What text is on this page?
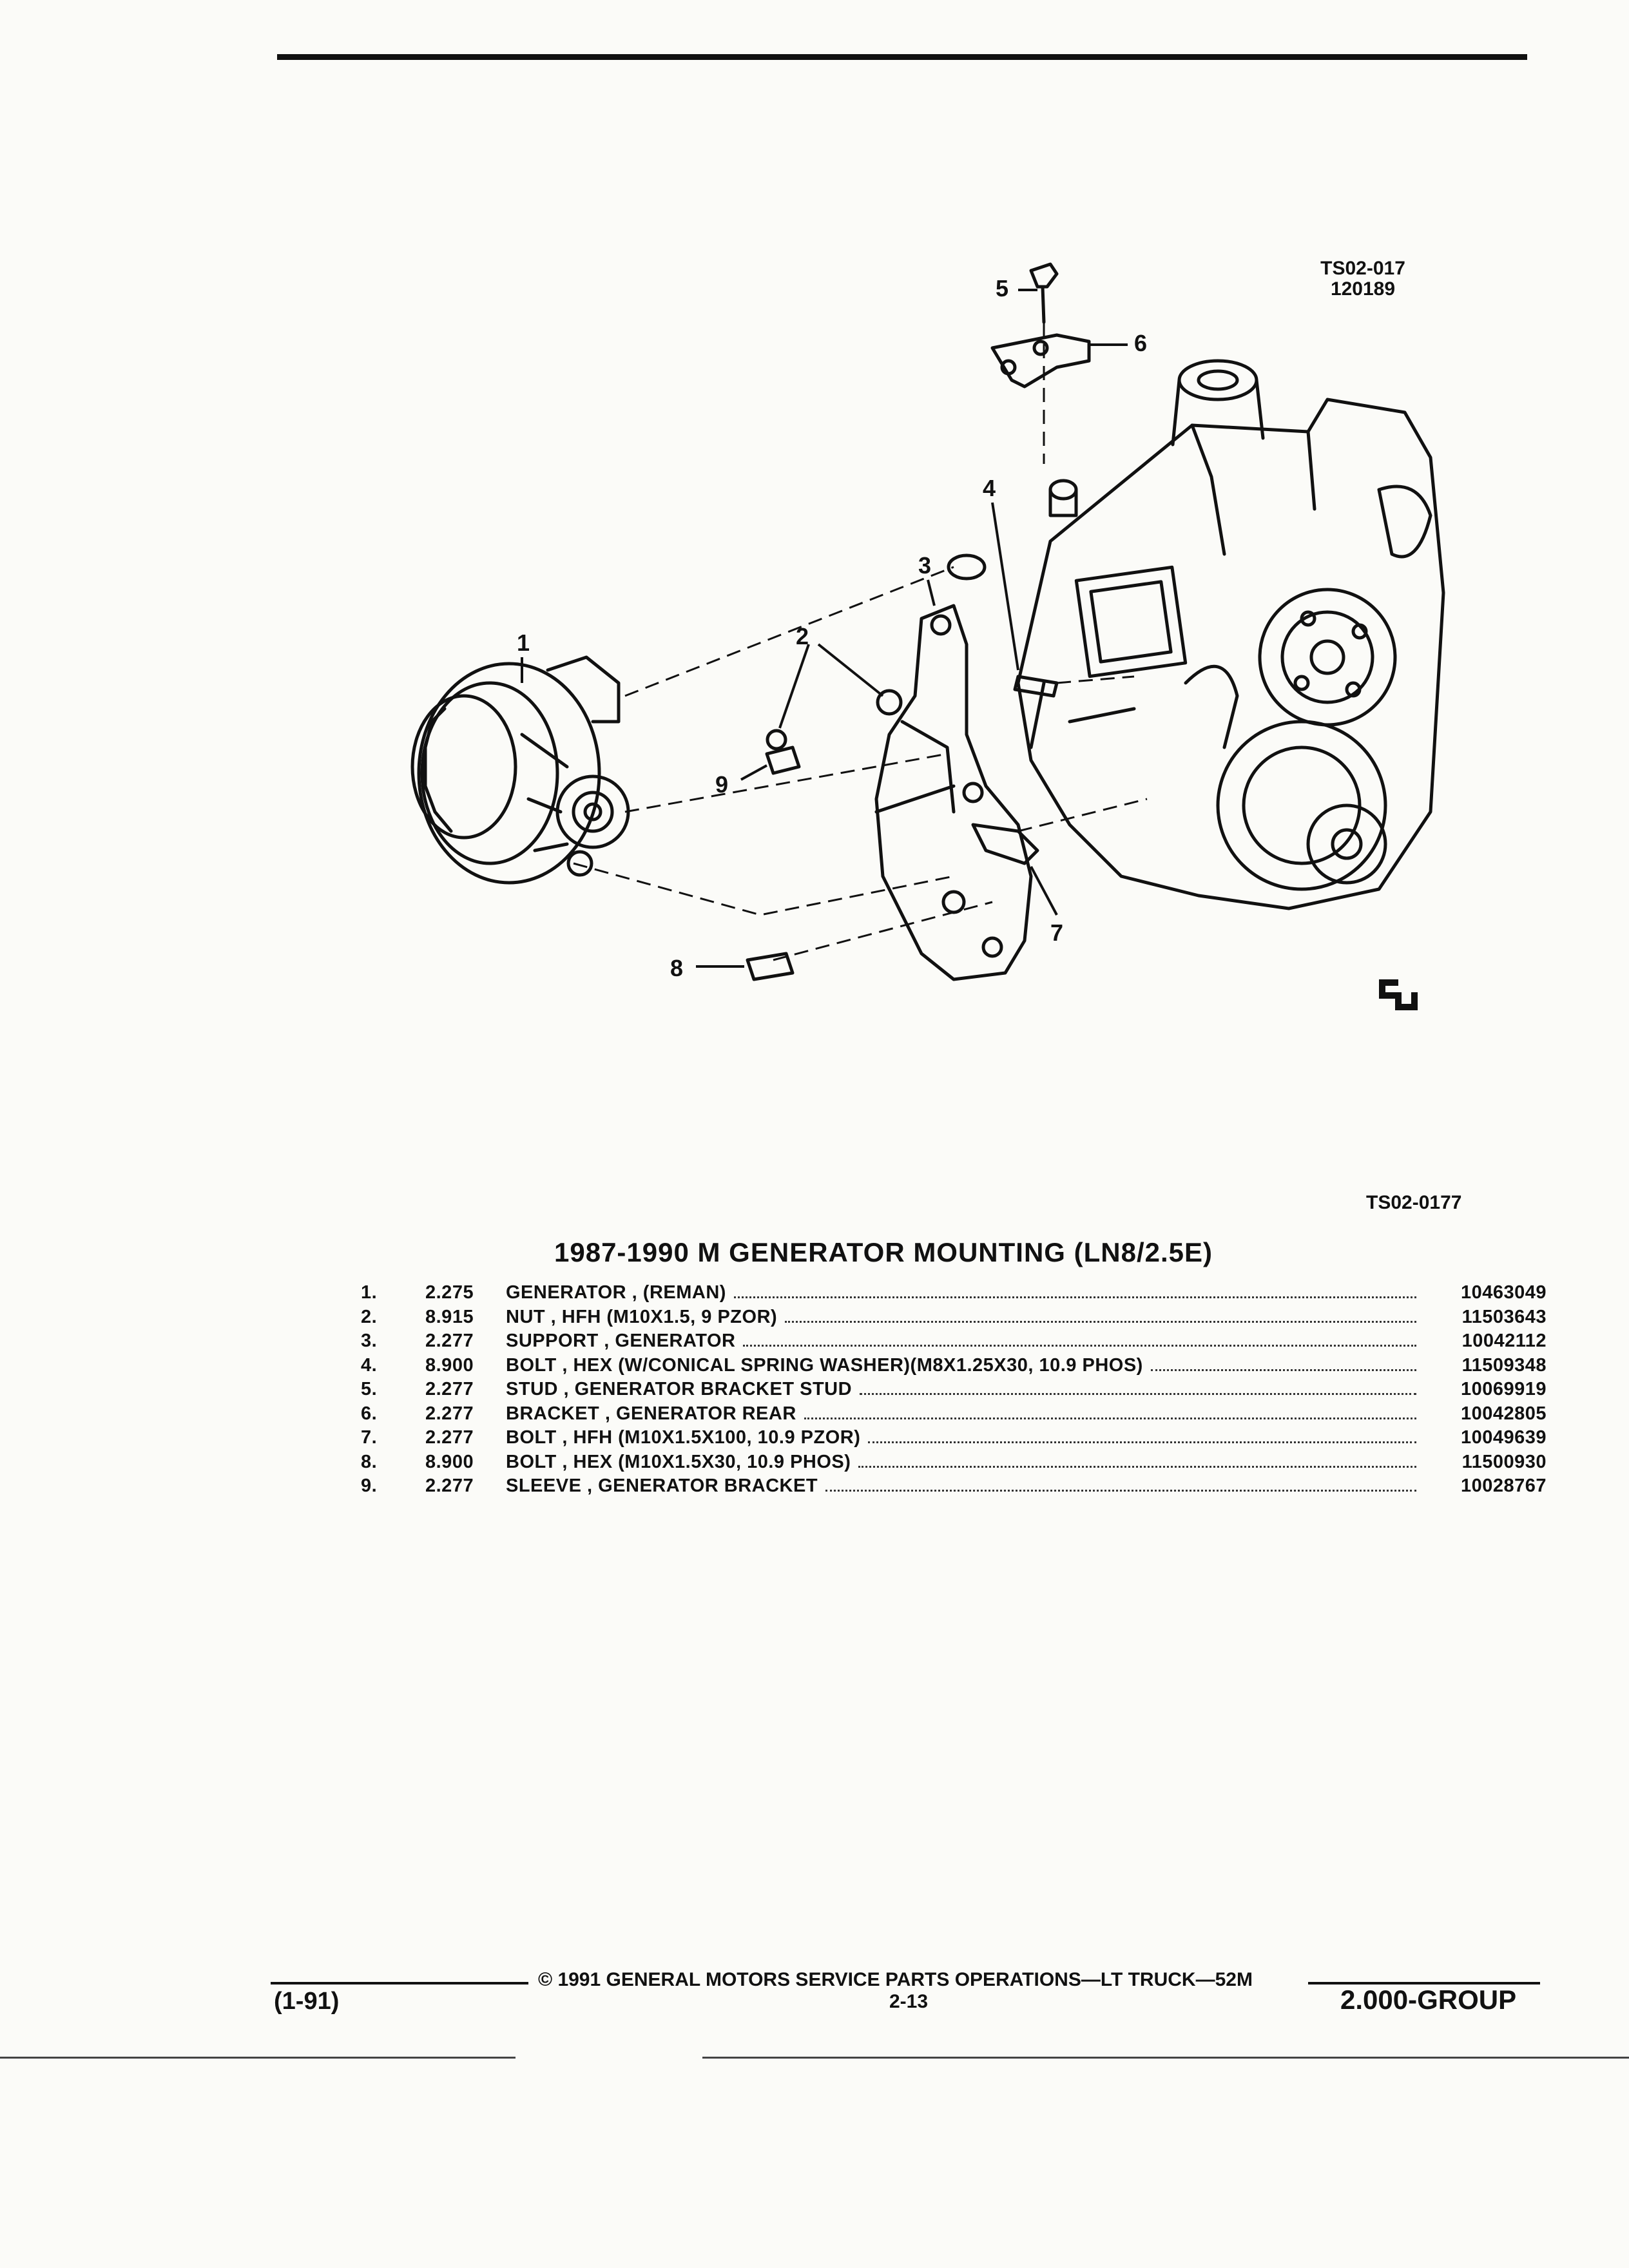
TS02-017
120189
1	2
3
4
5
6
7
8
9
TS02-0177
1987-1990 M GENERATOR MOUNTING (LN8/2.5E)
1.	2.275	GENERATOR , (REMAN)	10463049
2.	8.915	NUT , HFH (M10X1.5, 9 PZOR)	11503643
3.	2.277	SUPPORT , GENERATOR	10042112
4.	8.900	BOLT , HEX (W/CONICAL SPRING WASHER)(M8X1.25X30, 10.9 PHOS)	11509348
5.	2.277	STUD , GENERATOR BRACKET STUD	10069919
6.	2.277	BRACKET , GENERATOR REAR	10042805
7.	2.277	BOLT , HFH (M10X1.5X100, 10.9 PZOR)	10049639
8.	8.900	BOLT , HEX (M10X1.5X30, 10.9 PHOS)	11500930
9.	2.277	SLEEVE , GENERATOR BRACKET	10028767
© 1991 GENERAL MOTORS SERVICE PARTS OPERATIONS—LT TRUCK—52M
(1-91)	2-13	2.000-GROUP
